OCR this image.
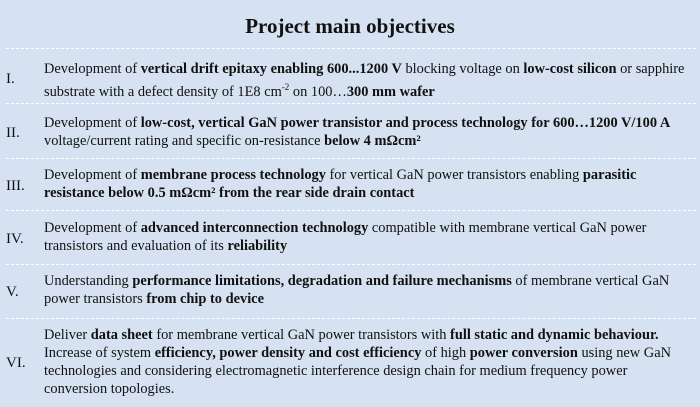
Project main objectives
I.
Development of vertical drift epitaxy enabling 600...1200 V blocking voltage on low-cost silicon or sapphire substrate with a defect density of 1E8 $cm^{-2}$ on 100…300 mm wafer
II.
Development of low-cost, vertical GaN power transistor and process technology for 600…1200 V/100 A voltage/current rating and specific on-resistance below 4 mΩcm²
III.
Development of membrane process technology for vertical GaN power transistors enabling parasitic resistance below 0.5 mΩcm² from the rear side drain contact
IV.
Development of advanced interconnection technology compatible with membrane vertical GaN power transistors and evaluation of its reliability
V.
Understanding performance limitations, degradation and failure mechanisms of membrane vertical GaN power transistors from chip to device
VI.
Deliver data sheet for membrane vertical GaN power transistors with full static and dynamic behaviour. Increase of system efficiency, power density and cost efficiency of high power conversion using new GaN technologies and considering electromagnetic interference design chain for medium frequency power conversion topologies.
